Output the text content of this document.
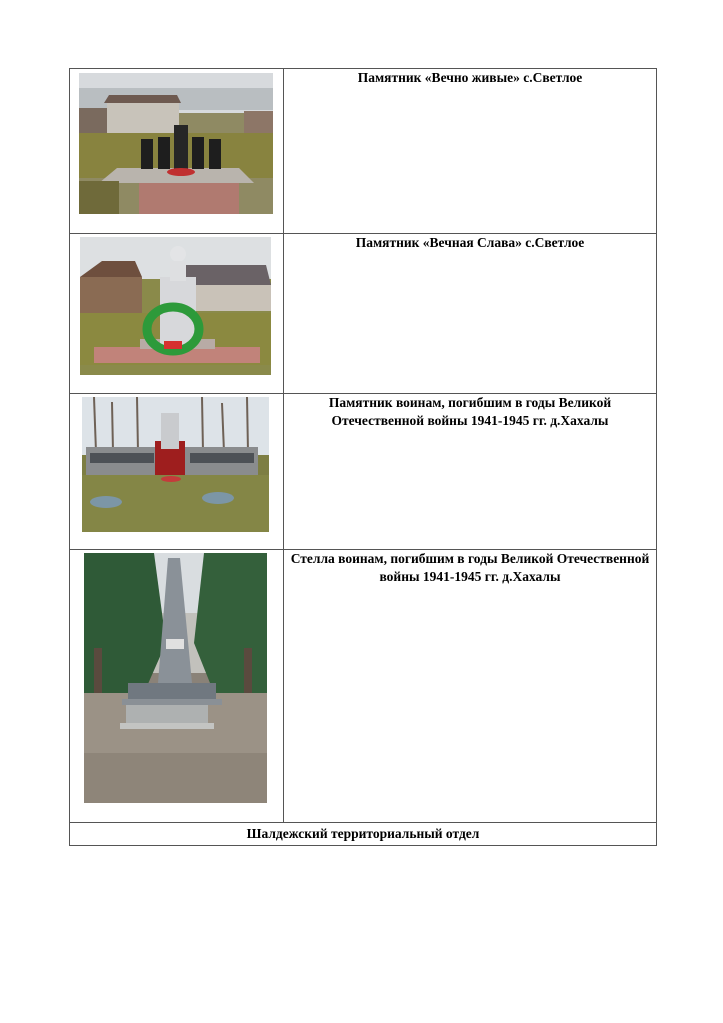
	Памятник «Вечно живые» с.Светлое

	Памятник «Вечная Слава» с.Светлое

	Памятник воинам, погибшим в годы Великой Отечественной войны 1941-1945 гг. д.Хахалы

	Стелла воинам, погибшим в годы Великой Отечественной войны 1941-1945 гг. д.Хахалы
Шалдежский территориальный отдел	
